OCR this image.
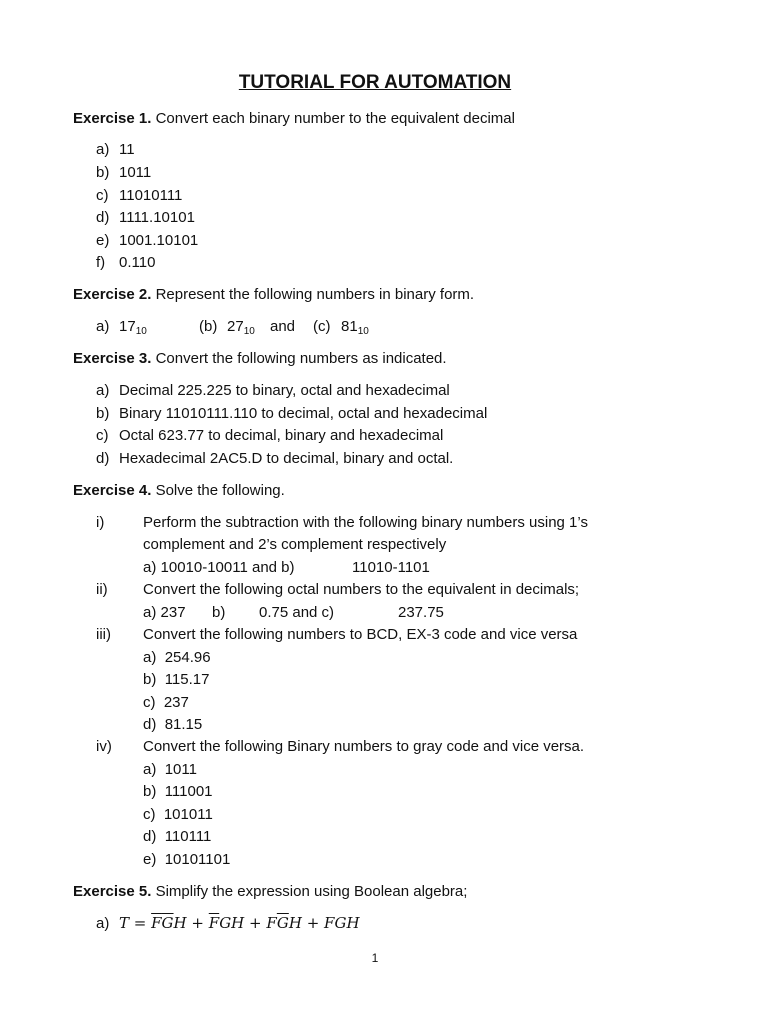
TUTORIAL FOR AUTOMATION
Exercise 1. Convert each binary number to the equivalent decimal
a) 11
b) 1011
c) 11010111
d) 1111.10101
e) 1001.10101
f) 0.110
Exercise 2. Represent the following numbers in binary form.
a) $17_{10}$	(b) $27_{10}$ and (c) $81_{10}$
Exercise 3. Convert the following numbers as indicated.
a) Decimal 225.225 to binary, octal and hexadecimal
b) Binary 11010111.110 to decimal, octal and hexadecimal
c) Octal 623.77 to decimal, binary and hexadecimal
d) Hexadecimal 2AC5.D to decimal, binary and octal.
Exercise 4. Solve the following.
i)	Perform the subtraction with the following binary numbers using 1’s
complement and 2’s complement respectively
a) 10010-10011 and b)	11010-1101
ii) Convert the following octal numbers to the equivalent in decimals;
a) 237 b) 0.75 and c)	237.75
iii) Convert the following numbers to BCD, EX-3 code and vice versa
a) 254.96
b) 115.17
c) 237
d) 81.15
iv) Convert the following Binary numbers to gray code and vice versa.
a) 1011
b) 111001
c) 101011
d) 110111
e) 10101101
Exercise 5. Simplify the expression using Boolean algebra;
a) $T = \overline{F}\overline{G}H + \overline{F}GH + F\overline{G}H$ + FGH
1
